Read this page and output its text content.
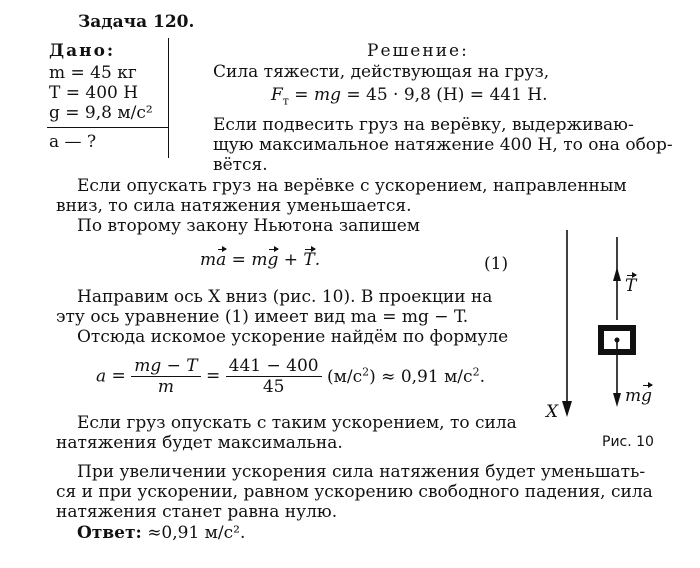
Задача 120.
Дано:
m = 45 кг
T = 400 Н
g = 9,8 м/с²
a — ?
Решение:
Сила тяжести, действующая на груз,
$F_т$ = mg = 45 · 9,8 (Н) = 441 Н.
Если подвесить груз на верёвку, выдерживаю-
щую максимальное натяжение 400 Н, то она обор-
вётся.
Если опускать груз на верёвке с ускорением, направленным
вниз, то сила натяжения уменьшается.
По второму закону Ньютона запишем
ma = mg + T.	(1)
Направим ось X вниз (рис. 10). В проекции на
эту ось уравнение (1) имеет вид ma = mg − T.
Отсюда искомое ускорение найдём по формуле
$a = \frac{mg - T}{m} = \frac{441 - 400}{45} (м/с^2) \approx 0,91$ $м/с^2$.
Если груз опускать с таким ускорением, то сила
натяжения будет максимальна.
При увеличении ускорения сила натяжения будет уменьшать-
ся и при ускорении, равном ускорению свободного падения, сила
натяжения станет равна нулю.
Ответ: ≈0,91 м/с².
T
mg
X
Рис. 10
